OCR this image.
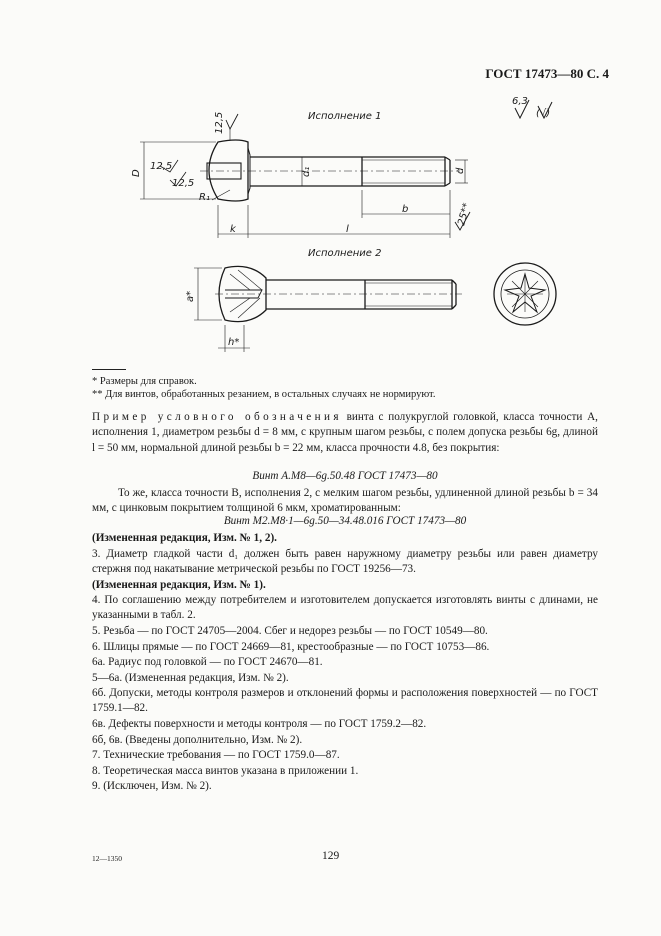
ГОСТ 17473—80 С. 4
Исполнение 1
Исполнение 2
6,3
(√)
12,5
12,5
12,5
25**
D	d₁	d
b
l
k
R₁
a*
h*
* Размеры для справок.
** Для винтов, обработанных резанием, в остальных случаях не нормируют.
Пример условного обозначения винта с полукруглой головкой, класса точности А, исполнения 1, диаметром резьбы d = 8 мм, с крупным шагом резьбы, с полем допуска резьбы 6g, длиной l = 50 мм, нормальной длиной резьбы b = 22 мм, класса прочности 4.8, без покрытия:
Винт А.М8—6g.50.48 ГОСТ 17473—80
То же, класса точности В, исполнения 2, с мелким шагом резьбы, удлиненной длиной резьбы b = 34 мм, с цинковым покрытием толщиной 6 мкм, хроматированным:
Винт М2.М8·1—6g.50—34.48.016 ГОСТ 17473—80
(Измененная редакция, Изм. № 1, 2).
3. Диаметр гладкой части d₁ должен быть равен наружному диаметру резьбы или равен диаметру стержня под накатывание метрической резьбы по ГОСТ 19256—73.
(Измененная редакция, Изм. № 1).
4. По соглашению между потребителем и изготовителем допускается изготовлять винты с длинами, не указанными в табл. 2.
5. Резьба — по ГОСТ 24705—2004. Сбег и недорез резьбы — по ГОСТ 10549—80.
6. Шлицы прямые — по ГОСТ 24669—81, крестообразные — по ГОСТ 10753—86.
6а. Радиус под головкой — по ГОСТ 24670—81.
5—6а. (Измененная редакция, Изм. № 2).
6б. Допуски, методы контроля размеров и отклонений формы и расположения поверхностей — по ГОСТ 1759.1—82.
6в. Дефекты поверхности и методы контроля — по ГОСТ 1759.2—82.
6б, 6в. (Введены дополнительно, Изм. № 2).
7. Технические требования — по ГОСТ 1759.0—87.
8. Теоретическая масса винтов указана в приложении 1.
9. (Исключен, Изм. № 2).
129
12—1350
